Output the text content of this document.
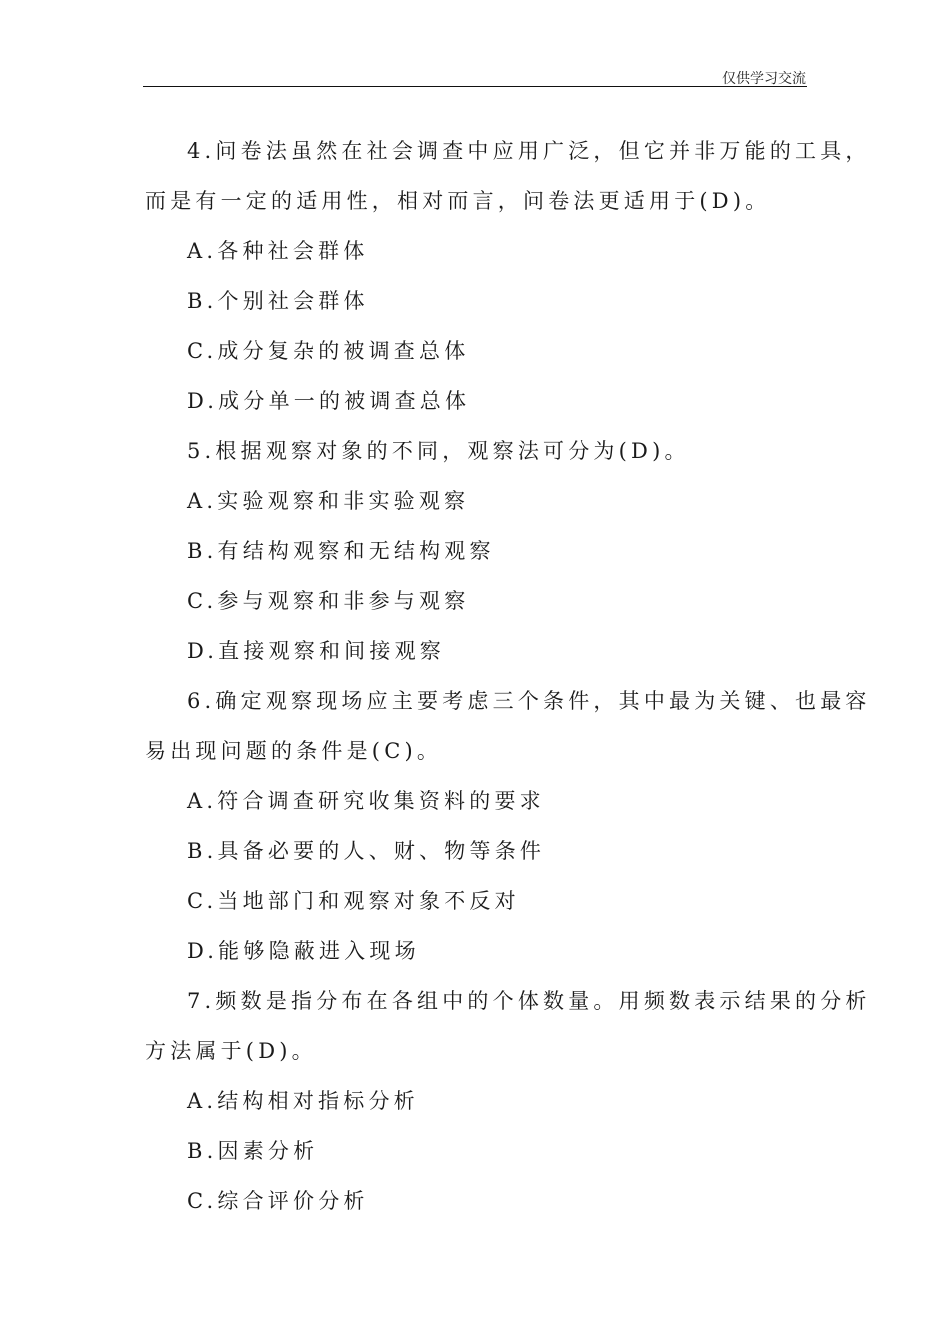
仅供学习交流
4.问卷法虽然在社会调查中应用广泛，但它并非万能的工具，
而是有一定的适用性，相对而言，问卷法更适用于(D)。
A.各种社会群体
B.个别社会群体
C.成分复杂的被调查总体
D.成分单一的被调查总体
5.根据观察对象的不同，观察法可分为(D)。
A.实验观察和非实验观察
B.有结构观察和无结构观察
C.参与观察和非参与观察
D.直接观察和间接观察
6.确定观察现场应主要考虑三个条件，其中最为关键、也最容
易出现问题的条件是(C)。
A.符合调查研究收集资料的要求
B.具备必要的人、财、物等条件
C.当地部门和观察对象不反对
D.能够隐蔽进入现场
7.频数是指分布在各组中的个体数量。用频数表示结果的分析
方法属于(D)。
A.结构相对指标分析
B.因素分析
C.综合评价分析
